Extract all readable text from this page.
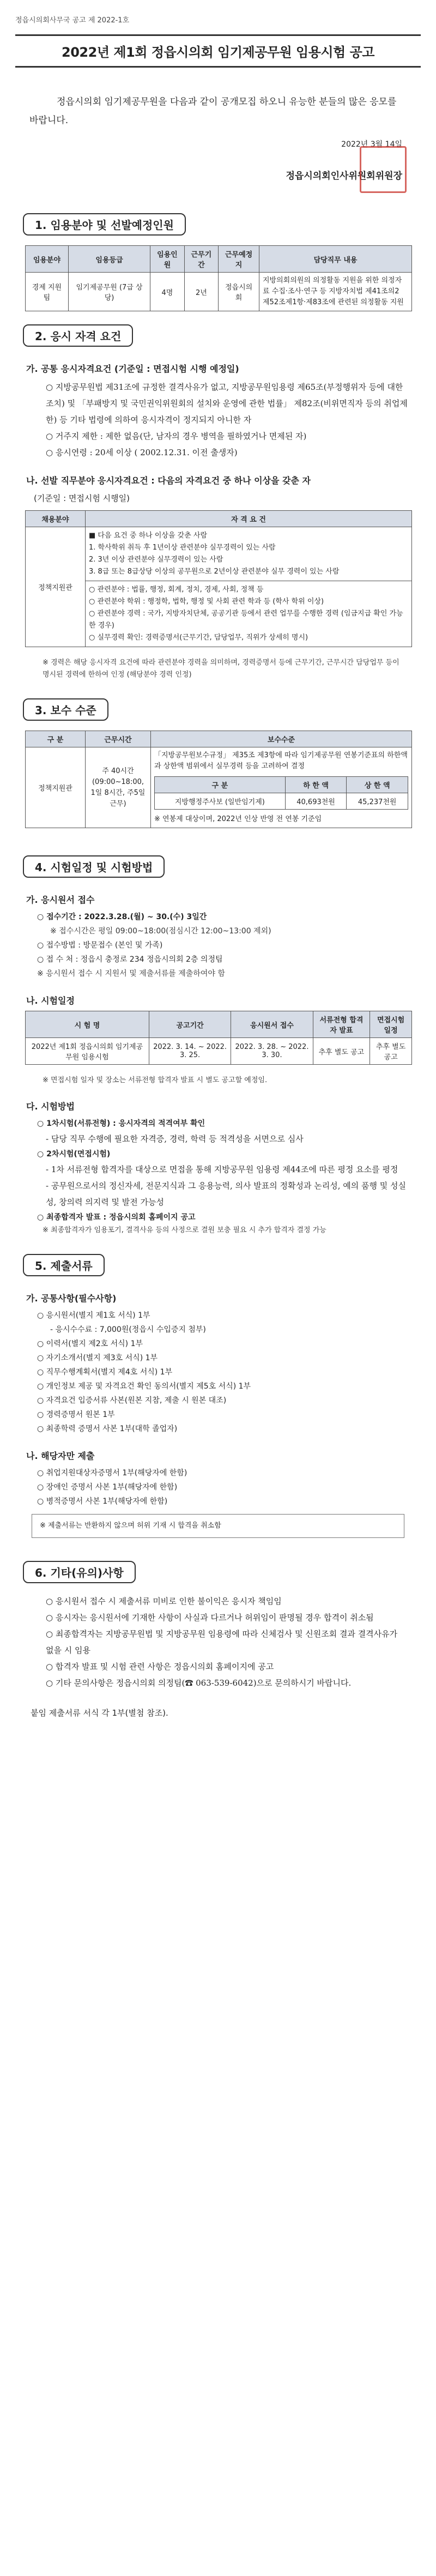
정읍시의회사무국 공고 제 2022-1호
2022년 제1회 정읍시의회 임기제공무원 임용시험 공고

정읍시의회 임기제공무원을 다음과 같이 공개모집 하오니 유능한 분들의 많은 응모를 바랍니다.

2022년 3월 14일
정읍시의회인사위원회위원장
1. 임용분야 및 선발예정인원
임용분야	임용등급	임용인원	근무기간	근무예정지	담당직무 내용
경제 지원팀	임기제공무원 (7급 상당)	4명	2년	정읍시의회	지방의회의원의 의정활동 지원을 위한 의정자료 수집·조사·연구 등 지방자치법 제41조의2 제52조제1항·제83조에 관련된 의정활동 지원
2. 응시 자격 요건
가. 공통 응시자격요건 (기준일 : 면접시험 시행 예정일)

○ 지방공무원법 제31조에 규정한 결격사유가 없고, 지방공무원임용령 제65조(부정행위자 등에 대한 조치) 및 「부패방지 및 국민권익위원회의 설치와 운영에 관한 법률」 제82조(비위면직자 등의 취업제한) 등 기타 법령에 의하여 응시자격이 정지되지 아니한 자

○ 거주지 제한 : 제한 없음(단, 남자의 경우 병역을 필하였거나 면제된 자)

○ 응시연령 : 20세 이상 ( 2002.12.31. 이전 출생자)

나. 선발 직무분야 응시자격요건 : 다음의 자격요건 중 하나 이상을 갖춘 자
(기준일 : 면접시험 시행일)
채용분야	자 격 요 건
정책지원관	■ 다음 요건 중 하나 이상을 갖춘 사람
1. 학사학위 취득 후 1년이상 관련분야 실무경력이 있는 사람
2. 3년 이상 관련분야 실무경력이 있는 사람
3. 8급 또는 8급상당 이상의 공무원으로 2년이상 관련분야 실무 경력이 있는 사람
	○ 관련분야 : 법률, 행정, 회계, 정치, 경제, 사회, 정책 등
○ 관련분야 학위 : 행정학, 법학, 행정 및 사회 관련 학과 등 (학사 학위 이상)
○ 관련분야 경력 : 국가, 지방자치단체, 공공기관 등에서 관련 업무를 수행한 경력 (임금지급 확인 가능한 경우)
○ 실무경력 확인: 경력증명서(근무기간, 담당업무, 직위가 상세히 명시)

※ 경력은 해당 응시자격 요건에 따라 관련분야 경력을 의미하며, 경력증명서 등에 근무기간, 근무시간 담당업무 등이 명시된 경력에 한하여 인정 (해당분야 경력 인정)

3. 보수 수준
구 분	근무시간	보수수준
정책지원관	주 40시간 (09:00~18:00, 1일 8시간, 주5일 근무)	

「지방공무원보수규정」 제35조 제3항에 따라 임기제공무원 연봉기준표의 하한액과 상한액 범위에서 실무경력 등을 고려하여 결정

구 분	하 한 액	상 한 액
지방행정주사보 (일반임기제)	40,693천원	45,237천원

※ 연봉제 대상이며, 2022년 인상 반영 전 연봉 기준임

4. 시험일정 및 시험방법
가. 응시원서 접수
○ 접수기간 : 2022.3.28.(월) ~ 30.(수) 3일간
※ 접수시간은 평일 09:00~18:00(점심시간 12:00~13:00 제외)
○ 접수방법 : 방문접수 (본인 및 가족)
○ 접 수 처 : 정읍시 충정로 234 정읍시의회 2층 의정팀
※ 응시원서 접수 시 지원서 및 제출서류를 제출하여야 함
나. 시험일정
시 험 명	공고기간	응시원서 접수	서류전형 합격자 발표	면접시험 일정
2022년 제1회 정읍시의회 임기제공무원 임용시험	2022. 3. 14. ~ 2022. 3. 25.	2022. 3. 28. ~ 2022. 3. 30.	추후 별도 공고	추후 별도 공고

※ 면접시험 일자 및 장소는 서류전형 합격자 발표 시 별도 공고할 예정임.

다. 시험방법
○ 1차시험(서류전형) : 응시자격의 적격여부 확인

- 담당 직무 수행에 필요한 자격증, 경력, 학력 등 적격성을 서면으로 심사

○ 2차시험(면접시험)

- 1차 서류전형 합격자를 대상으로 면접을 통해 지방공무원 임용령 제44조에 따른 평정 요소를 평정

- 공무원으로서의 정신자세, 전문지식과 그 응용능력, 의사 발표의 정확성과 논리성, 예의 품행 및 성실성, 창의력 의지력 및 발전 가능성

○ 최종합격자 발표 : 정읍시의회 홈페이지 공고

※ 최종합격자가 임용포기, 결격사유 등의 사정으로 결원 보충 필요 시 추가 합격자 결정 가능

5. 제출서류
가. 공통사항(필수사항)
○ 응시원서(별지 제1호 서식) 1부
- 응시수수료 : 7,000원(정읍시 수입증지 첨부)
○ 이력서(별지 제2호 서식) 1부
○ 자기소개서(별지 제3호 서식) 1부
○ 직무수행계획서(별지 제4호 서식) 1부
○ 개인정보 제공 및 자격요건 확인 동의서(별지 제5호 서식) 1부
○ 자격요건 입증서류 사본(원본 지참, 제출 시 원본 대조)
○ 경력증명서 원본 1부
○ 최종학력 증명서 사본 1부(대학 졸업자)
나. 해당자만 제출
○ 취업지원대상자증명서 1부(해당자에 한함)
○ 장애인 증명서 사본 1부(해당자에 한함)
○ 병적증명서 사본 1부(해당자에 한함)
※ 제출서류는 반환하지 않으며 허위 기재 시 합격을 취소함
6. 기타(유의)사항

○ 응시원서 접수 시 제출서류 미비로 인한 불이익은 응시자 책임임

○ 응시자는 응시원서에 기재한 사항이 사실과 다르거나 허위임이 판명될 경우 합격이 취소됨

○ 최종합격자는 지방공무원법 및 지방공무원 임용령에 따라 신체검사 및 신원조회 결과 결격사유가 없을 시 임용

○ 합격자 발표 및 시험 관련 사항은 정읍시의회 홈페이지에 공고

○ 기타 문의사항은 정읍시의회 의정팀(☎ 063-539-6042)으로 문의하시기 바랍니다.

붙임 제출서류 서식 각 1부(별첨 참조).
